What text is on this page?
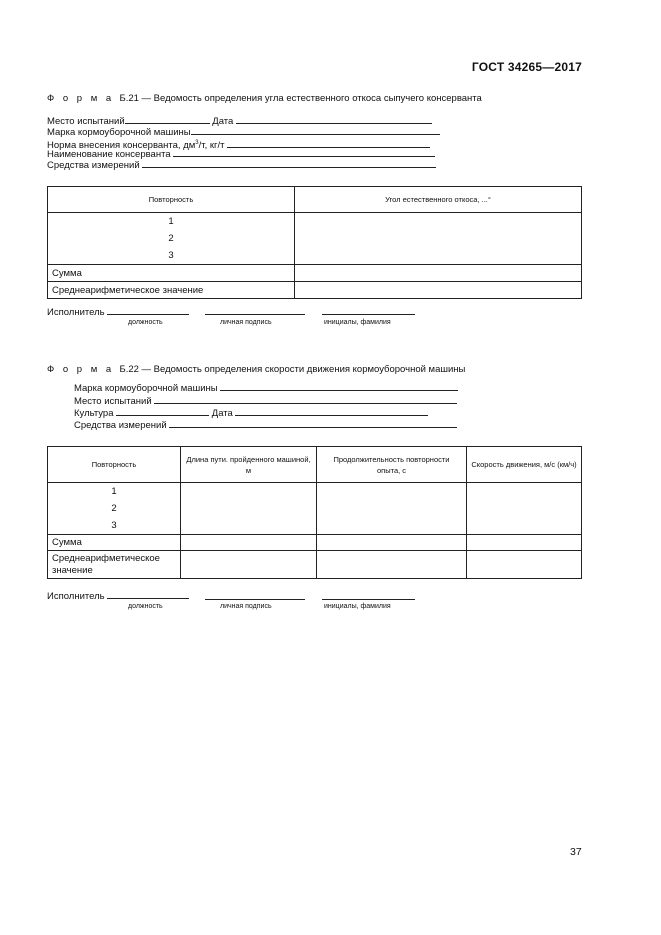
ГОСТ 34265—2017
Ф о р м а Б.21 — Ведомость определения угла естественного откоса сыпучего консерванта
Место испытаний	Дата
Марка кормоуборочной машины
Норма внесения консерванта, $дм^3/т$, кг/т
Наименование консерванта
Средства измерений
Повторность	Угол естественного откоса, ...°

1
2
3	

Сумма	
Среднеарифметическое значение	
Исполнитель
должность	личная подпись	инициалы, фамилия
Ф о р м а Б.22 — Ведомость определения скорости движения кормоуборочной машины
Марка кормоуборочной машины
Место испытаний
Культура	Дата
Средства измерений
Повторность	Длина пути. пройденного машиной, м	Продолжительность повторности опыта, с	Скорость движения, м/с (км/ч)

1
2
3			

Сумма			
Среднеарифметическое значение			
Исполнитель
должность	личная подпись	инициалы, фамилия
37
